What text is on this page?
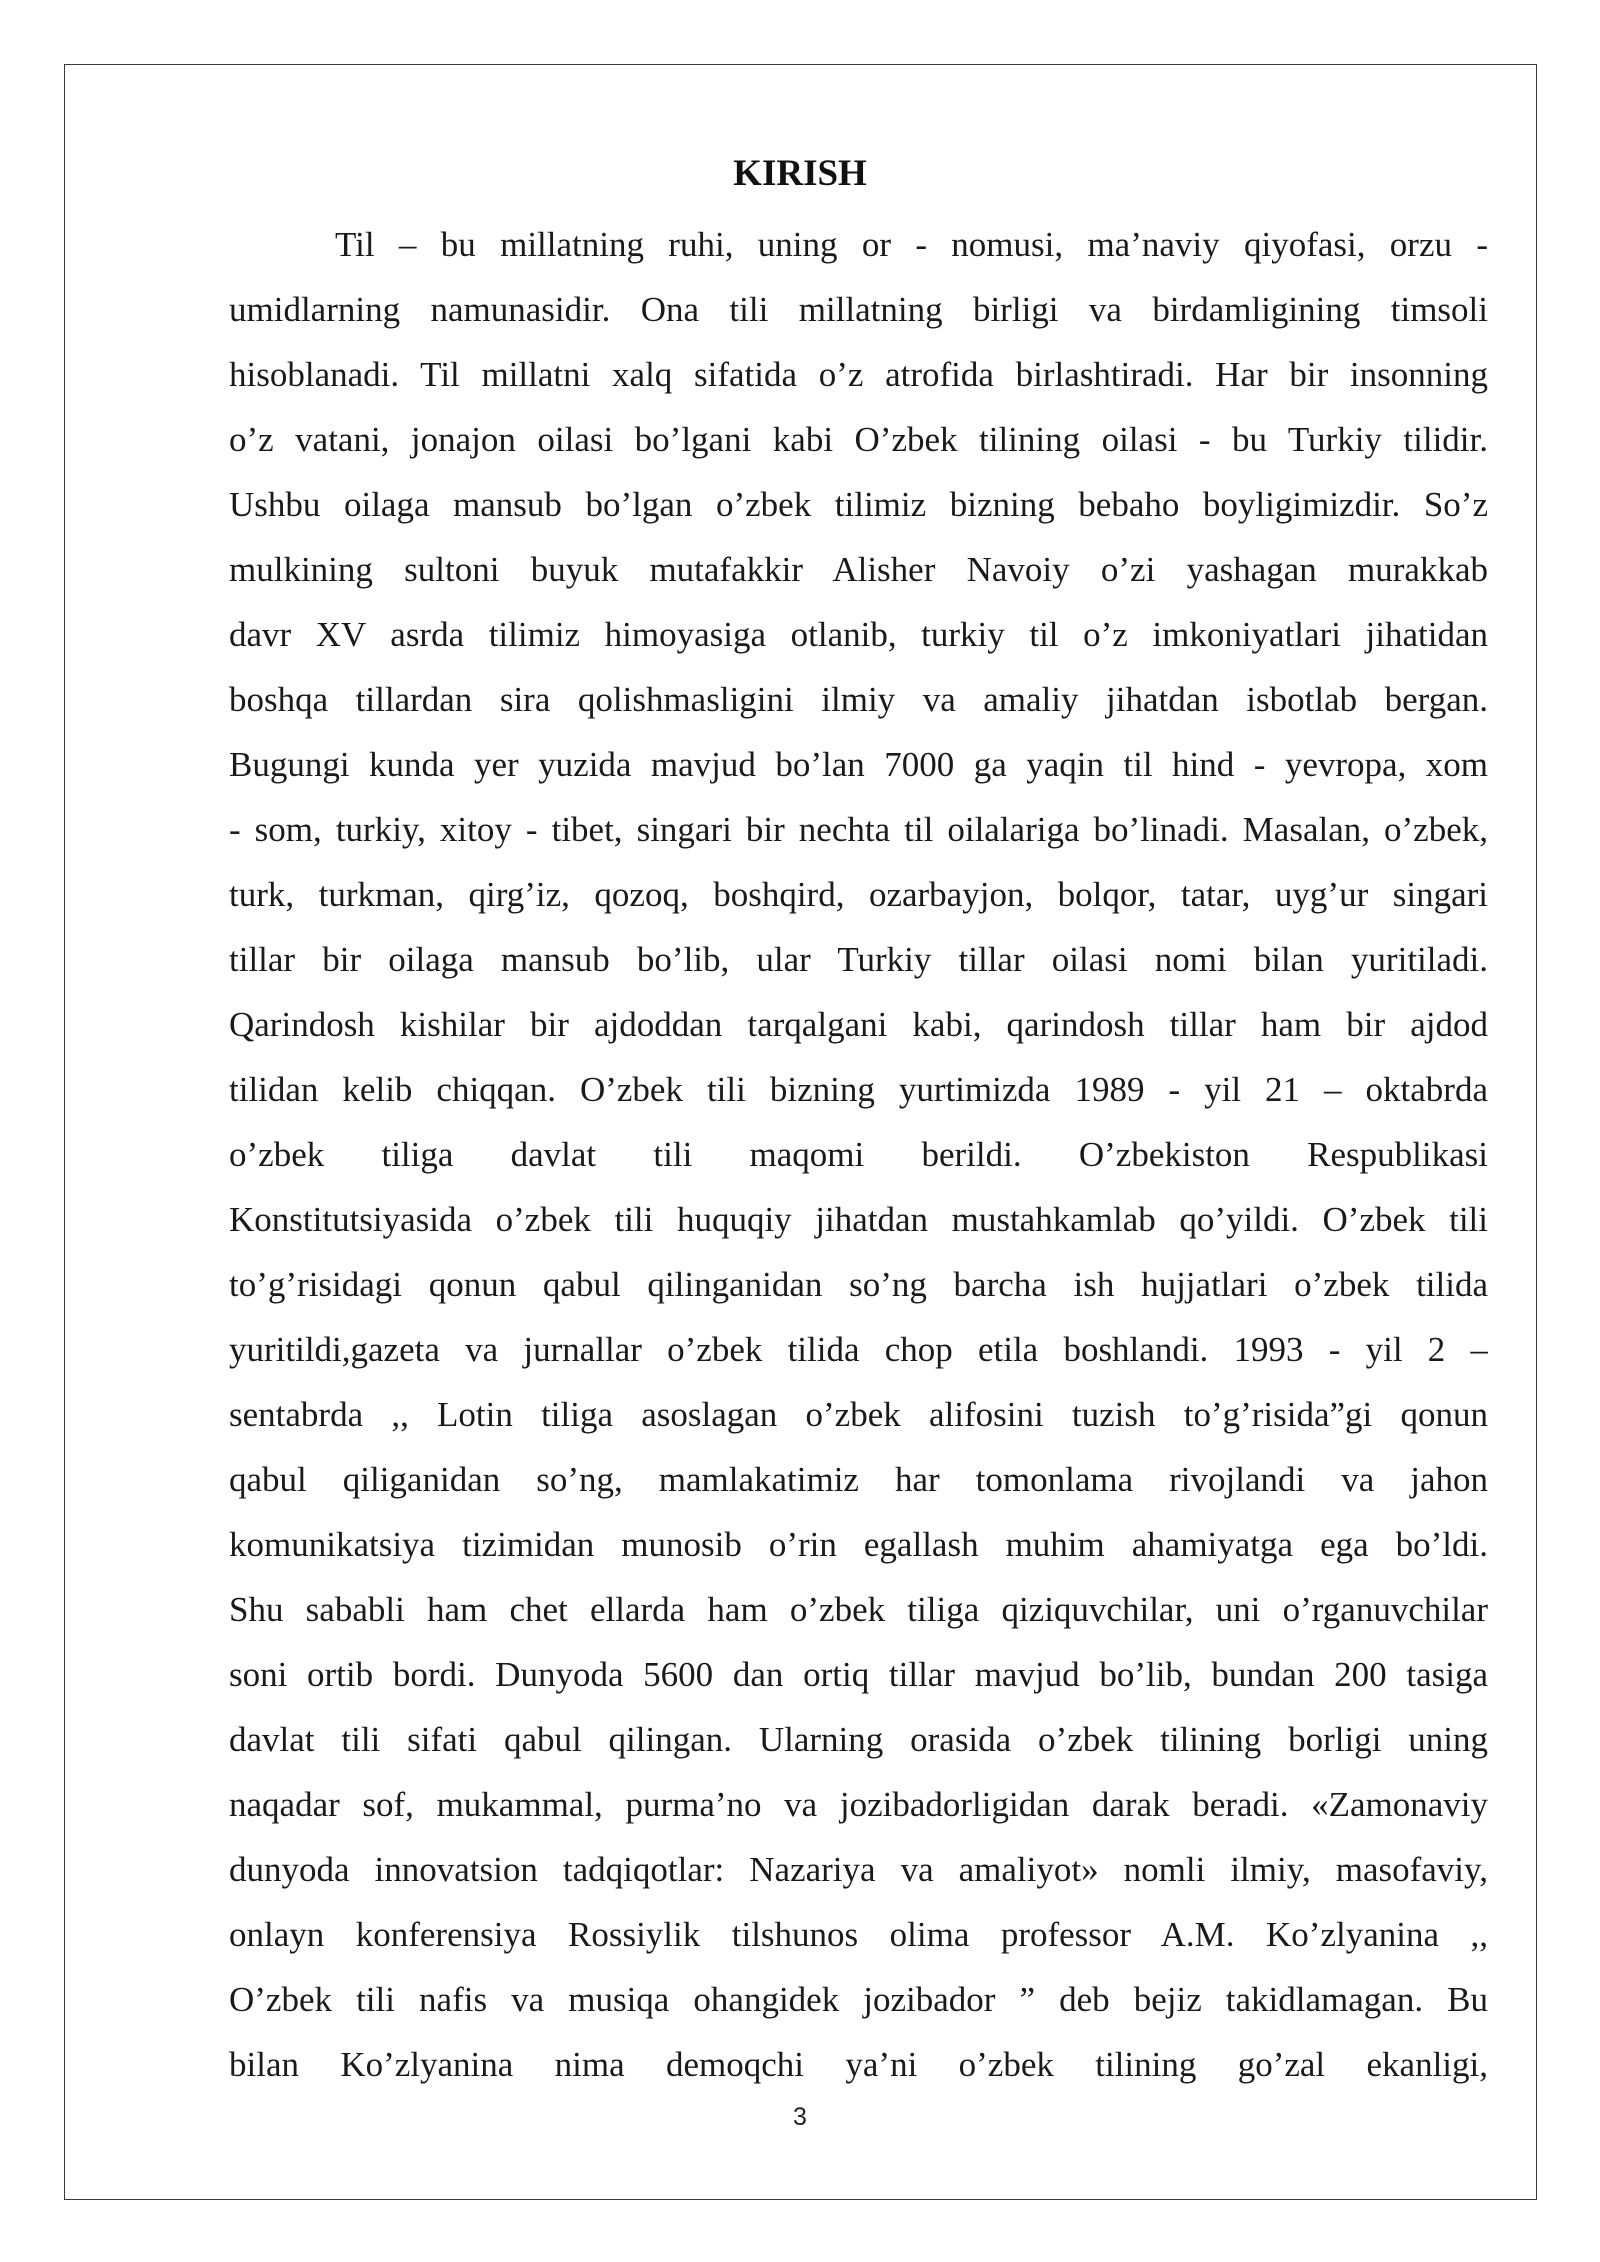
KIRISH
Til – bu millatning ruhi, uning or - nomusi, ma’naviy qiyofasi, orzu -
umidlarning namunasidir. Ona tili millatning birligi va birdamligining timsoli
hisoblanadi. Til millatni xalq sifatida o’z atrofida birlashtiradi. Har bir insonning
o’z vatani, jonajon oilasi bo’lgani kabi O’zbek tilining oilasi - bu Turkiy tilidir.
Ushbu oilaga mansub bo’lgan o’zbek tilimiz bizning bebaho boyligimizdir. So’z
mulkining sultoni buyuk mutafakkir Alisher Navoiy o’zi yashagan murakkab
davr XV asrda tilimiz himoyasiga otlanib, turkiy til o’z imkoniyatlari jihatidan
boshqa tillardan sira qolishmasligini ilmiy va amaliy jihatdan isbotlab bergan.
Bugungi kunda yer yuzida mavjud bo’lan 7000 ga yaqin til hind - yevropa, xom
- som, turkiy, xitoy - tibet, singari bir nechta til oilalariga bo’linadi. Masalan, o’zbek,
turk, turkman, qirg’iz, qozoq, boshqird, ozarbayjon, bolqor, tatar, uyg’ur singari
tillar bir oilaga mansub bo’lib, ular Turkiy tillar oilasi nomi bilan yuritiladi.
Qarindosh kishilar bir ajdoddan tarqalgani kabi, qarindosh tillar ham bir ajdod
tilidan kelib chiqqan. O’zbek tili bizning yurtimizda 1989 - yil 21 – oktabrda
o’zbek tiliga davlat tili maqomi berildi. O’zbekiston Respublikasi
Konstitutsiyasida o’zbek tili huquqiy jihatdan mustahkamlab qo’yildi. O’zbek tili
to’g’risidagi qonun qabul qilinganidan so’ng barcha ish hujjatlari o’zbek tilida
yuritildi,gazeta va jurnallar o’zbek tilida chop etila boshlandi. 1993 - yil 2 –
sentabrda ,, Lotin tiliga asoslagan o’zbek alifosini tuzish to’g’risida”gi qonun
qabul qiliganidan so’ng, mamlakatimiz har tomonlama rivojlandi va jahon
komunikatsiya tizimidan munosib o’rin egallash muhim ahamiyatga ega bo’ldi.
Shu sababli ham chet ellarda ham o’zbek tiliga qiziquvchilar, uni o’rganuvchilar
soni ortib bordi. Dunyoda 5600 dan ortiq tillar mavjud bo’lib, bundan 200 tasiga
davlat tili sifati qabul qilingan. Ularning orasida o’zbek tilining borligi uning
naqadar sof, mukammal, purma’no va jozibadorligidan darak beradi. «Zamonaviy
dunyoda innovatsion tadqiqotlar: Nazariya va amaliyot» nomli ilmiy, masofaviy,
onlayn konferensiya Rossiylik tilshunos olima professor A.M. Ko’zlyanina ,,
O’zbek tili nafis va musiqa ohangidek jozibador ” deb bejiz takidlamagan. Bu
bilan Ko’zlyanina nima demoqchi ya’ni o’zbek tilining go’zal ekanligi,
3
